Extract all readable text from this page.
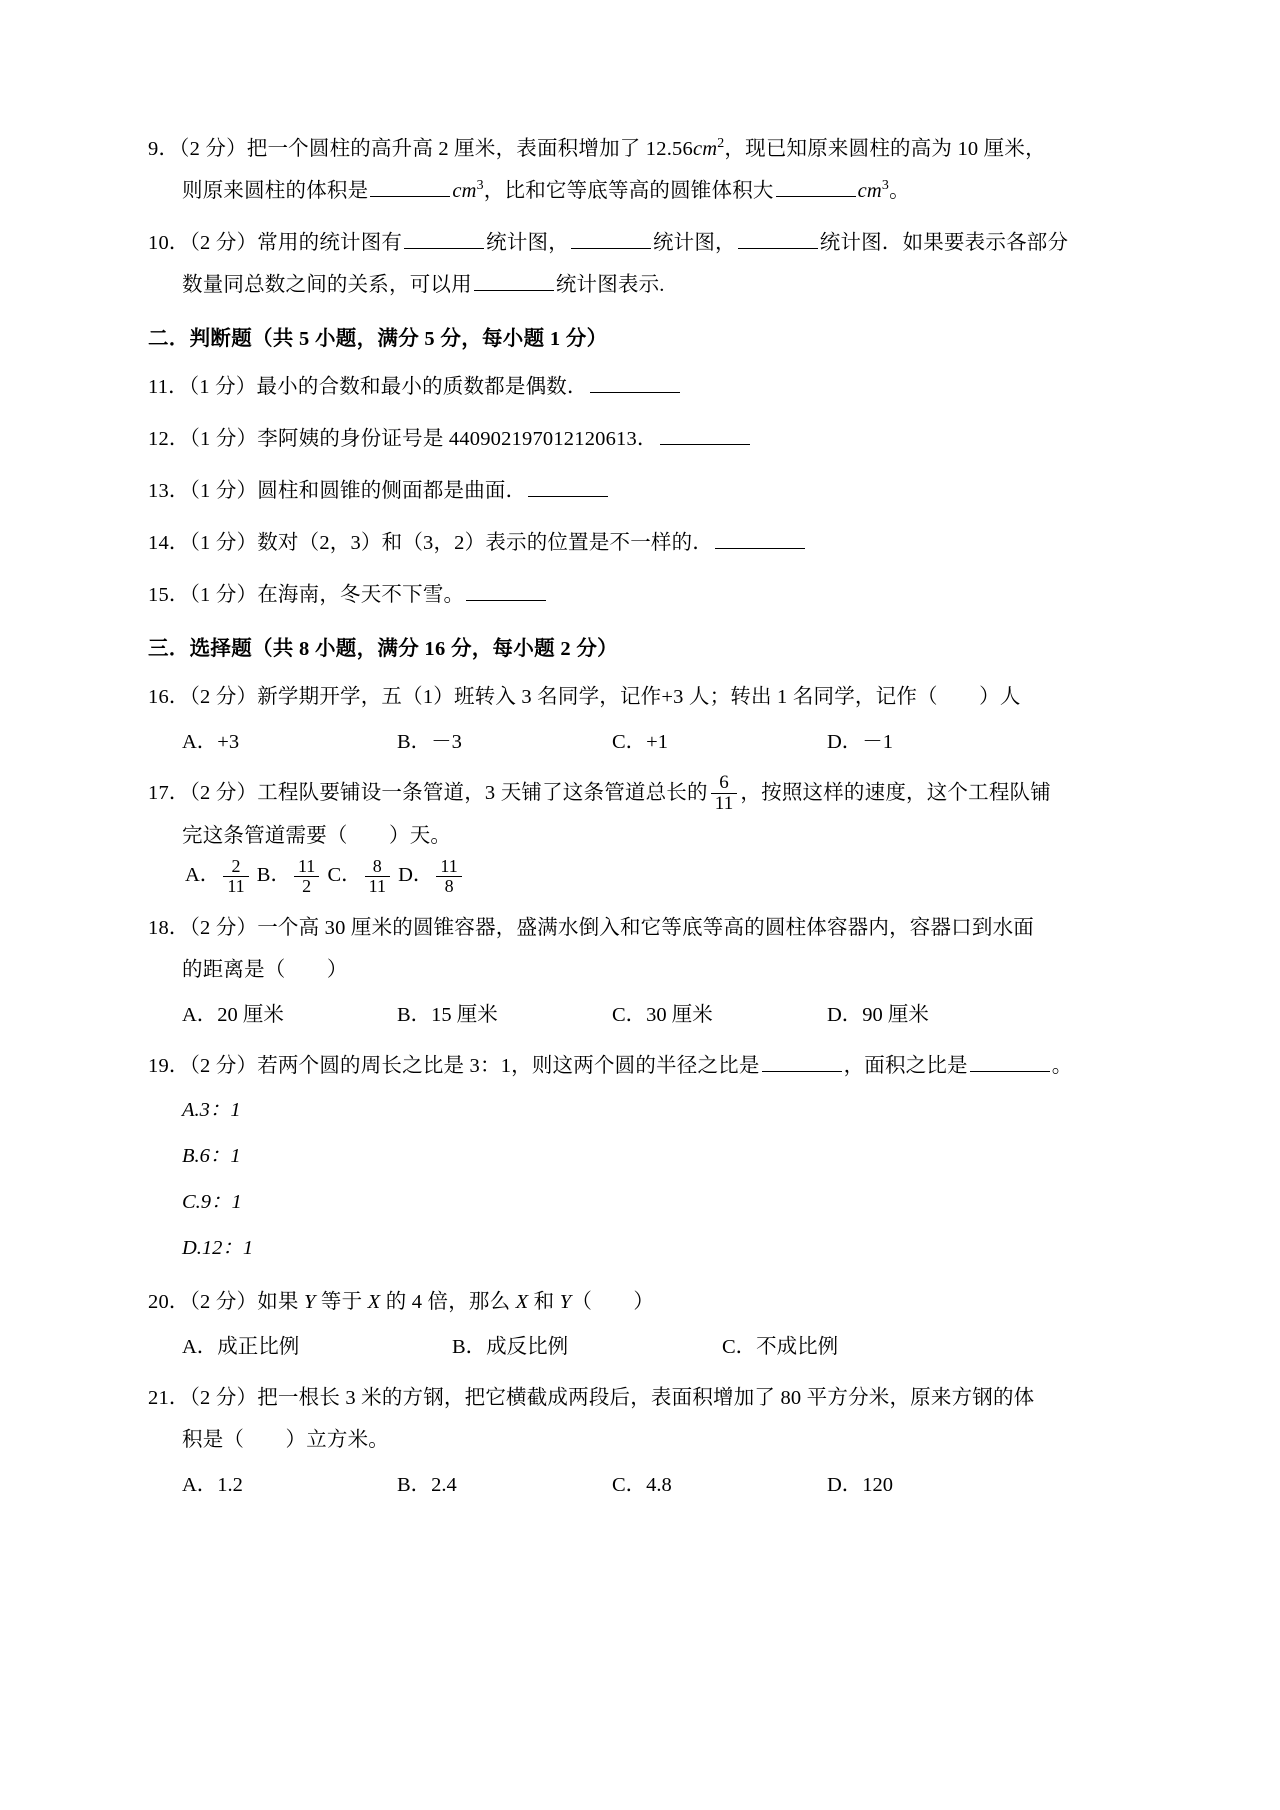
9．（2 分）把一个圆柱的高升高 2 厘米，表面积增加了 $12.56cm^2$，现已知原来圆柱的高为 10 厘米，
则原来圆柱的体积是	$cm^3$，比和它等底等高的圆锥体积大	$cm^3$。
10．（2 分）常用的统计图有	统计图，	统计图，	统计图．如果要表示各部分
数量同总数之间的关系，可以用	统计图表示.
二．判断题（共 5 小题，满分 5 分，每小题 1 分）
11．（1 分）最小的合数和最小的质数都是偶数．
12．（1 分）李阿姨的身份证号是 440902197012120613．
13．（1 分）圆柱和圆锥的侧面都是曲面．
14．（1 分）数对（2，3）和（3，2）表示的位置是不一样的．
15．（1 分）在海南，冬天不下雪。
三．选择题（共 8 小题，满分 16 分，每小题 2 分）
16．（2 分）新学期开学，五（1）班转入 3 名同学，记作+3 人；转出 1 名同学，记作（　　）人
A．+3	B．－3	C．+1	D．－1
17．（2 分）工程队要铺设一条管道，3 天铺了这条管道总长的 $\frac{6}{11}$ ，按照这样的速度，这个工程队铺
完这条管道需要（　　）天。
A． $\frac{2}{11}$ B． $\frac{11}{2}$ C． $\frac{8}{11}$ D． $\frac{11}{8}$
18．（2 分）一个高 30 厘米的圆锥容器，盛满水倒入和它等底等高的圆柱体容器内，容器口到水面
的距离是（　　）
A．20 厘米	B．15 厘米	C．30 厘米	D．90 厘米
19．（2 分）若两个圆的周长之比是 3：1，则这两个圆的半径之比是	，面积之比是	。
A.3：1
B.6：1
C.9：1
D.12：1
20．（2 分）如果 Y 等于 X 的 4 倍，那么 X 和 Y（　　）
A．成正比例	B．成反比例	C．不成比例
21．（2 分）把一根长 3 米的方钢，把它横截成两段后，表面积增加了 80 平方分米，原来方钢的体
积是（　　）立方米。
A．1.2	B．2.4	C．4.8	D．120
